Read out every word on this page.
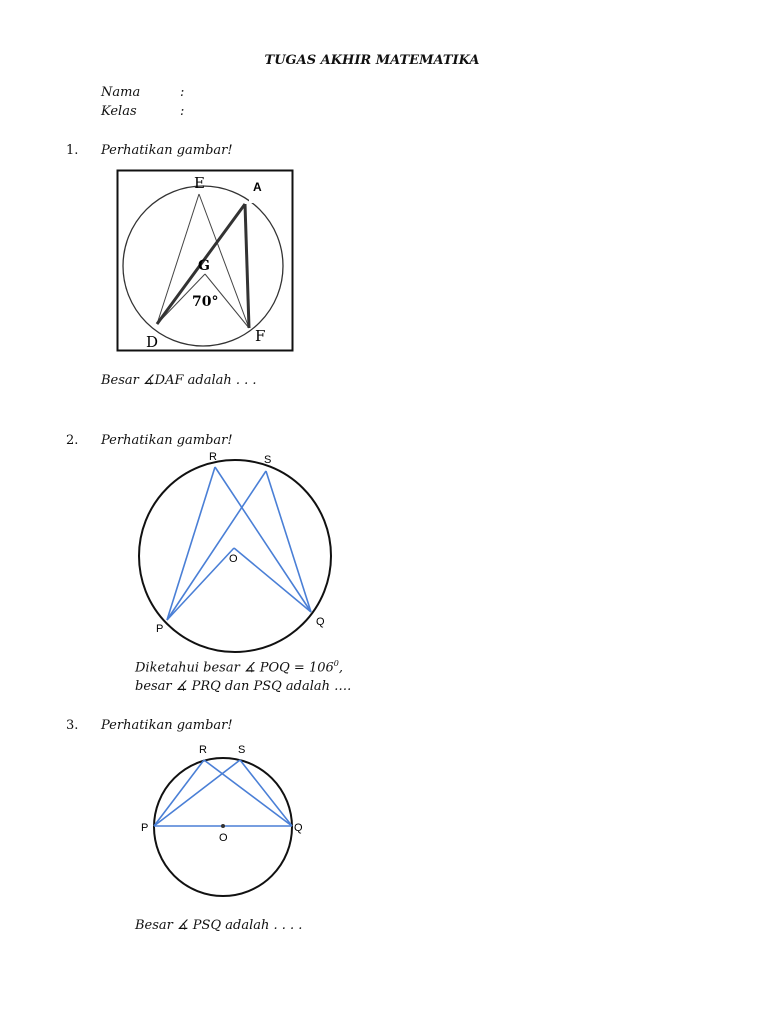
TUGAS AKHIR MATEMATIKA
Nama	:
Kelas	:
1. Perhatikan gambar!
E	A
G
70°
D	F
Besar ∡DAF adalah . . .
2. Perhatikan gambar!
R	S
O
P
Q
Diketahui besar ∡ POQ = $106^0$,
besar ∡ PRQ dan PSQ adalah ….
3. Perhatikan gambar!
R	S
P
O
Q
Besar ∡ PSQ adalah . . . .
